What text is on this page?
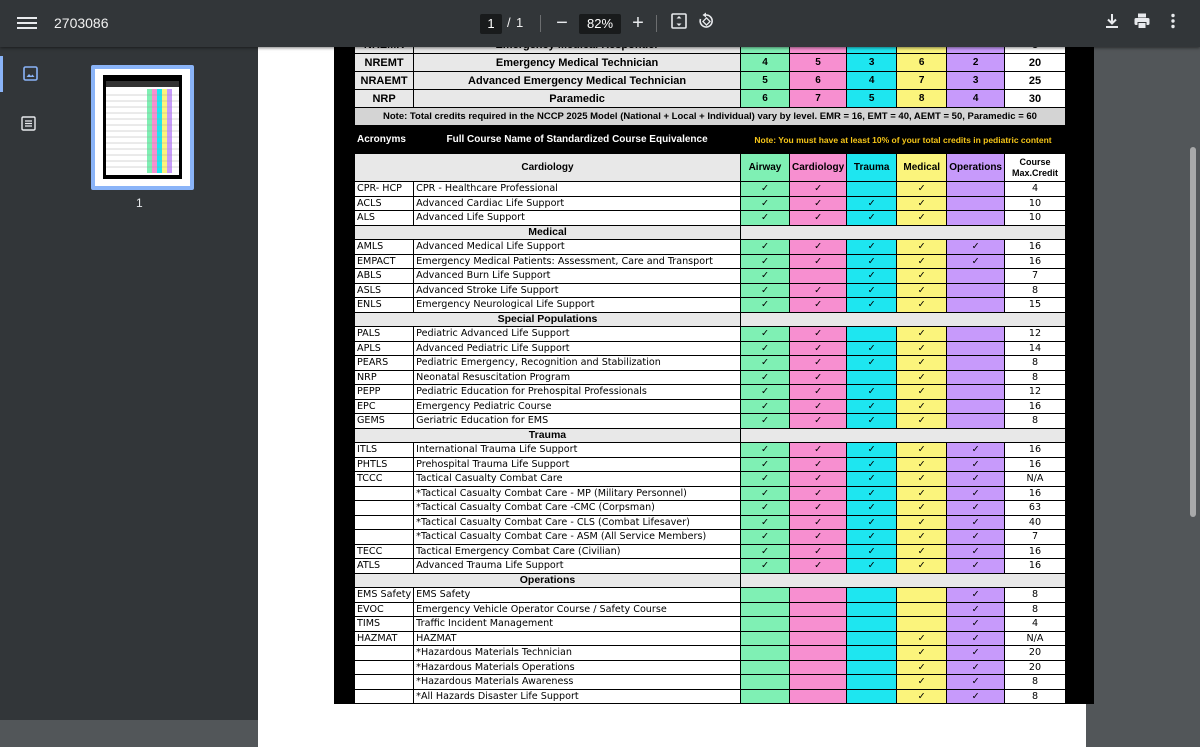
2703086	1 / 1 −	82% +
1

NREMT	Emergency Medical Technician	4	5	3	6	2	20
NRAEMT	Advanced Emergency Medical Technician	5	6	4	7	3	25
NRP	Paramedic	6	7	5	8	4	30
Note: Total credits required in the NCCP 2025 Model (National + Local + Individual) vary by level. EMR = 16, EMT = 40, AEMT = 50, Paramedic = 60							
Acronyms	Full Course Name of Standardized Course Equivalence	Note: You must have at least 10% of your total credits in pediatric content					
Cardiology		Airway	Cardiology	Trauma	Medical	Operations	Course
Max.Credit

CPR- HCP	CPR - Healthcare Professional	✓	✓		✓		4
ACLS	Advanced Cardiac Life Support	✓	✓	✓	✓		10
ALS	Advanced Life Support	✓	✓	✓	✓		10
Medical							
AMLS	Advanced Medical Life Support	✓	✓	✓	✓	✓	16
EMPACT	Emergency Medical Patients: Assessment, Care and Transport	✓	✓	✓	✓	✓	16
ABLS	Advanced Burn Life Support	✓		✓	✓		7
ASLS	Advanced Stroke Life Support	✓	✓	✓	✓		8
ENLS	Emergency Neurological Life Support	✓	✓	✓	✓		15
Special Populations							
PALS	Pediatric Advanced Life Support	✓	✓		✓		12
APLS	Advanced Pediatric Life Support	✓	✓	✓	✓		14
PEARS	Pediatric Emergency, Recognition and Stabilization	✓	✓	✓	✓		8
NRP	Neonatal Resuscitation Program	✓	✓		✓		8
PEPP	Pediatric Education for Prehospital Professionals	✓	✓	✓	✓		12
EPC	Emergency Pediatric Course	✓	✓	✓	✓		16
GEMS	Geriatric Education for EMS	✓	✓	✓	✓		8
Trauma							
ITLS	International Trauma Life Support	✓	✓	✓	✓	✓	16
PHTLS	Prehospital Trauma Life Support	✓	✓	✓	✓	✓	16
TCCC	Tactical Casualty Combat Care	✓	✓	✓	✓	✓	N/A
	*Tactical Casualty Combat Care - MP (Military Personnel)	✓	✓	✓	✓	✓	16
	*Tactical Casualty Combat Care -CMC (Corpsman)	✓	✓	✓	✓	✓	63
	*Tactical Casualty Combat Care - CLS (Combat Lifesaver)	✓	✓	✓	✓	✓	40
	*Tactical Casualty Combat Care - ASM (All Service Members)	✓	✓	✓	✓	✓	7
TECC	Tactical Emergency Combat Care (Civilian)	✓	✓	✓	✓	✓	16
ATLS	Advanced Trauma Life Support	✓	✓	✓	✓	✓	16
Operations							
EMS Safety	EMS Safety					✓	8
EVOC	Emergency Vehicle Operator Course / Safety Course					✓	8
TIMS	Traffic Incident Management					✓	4
HAZMAT	HAZMAT				✓	✓	N/A
	*Hazardous Materials Technician				✓	✓	20
	*Hazardous Materials Operations				✓	✓	20
	*Hazardous Materials Awareness				✓	✓	8
	*All Hazards Disaster Life Support				✓	✓	8
